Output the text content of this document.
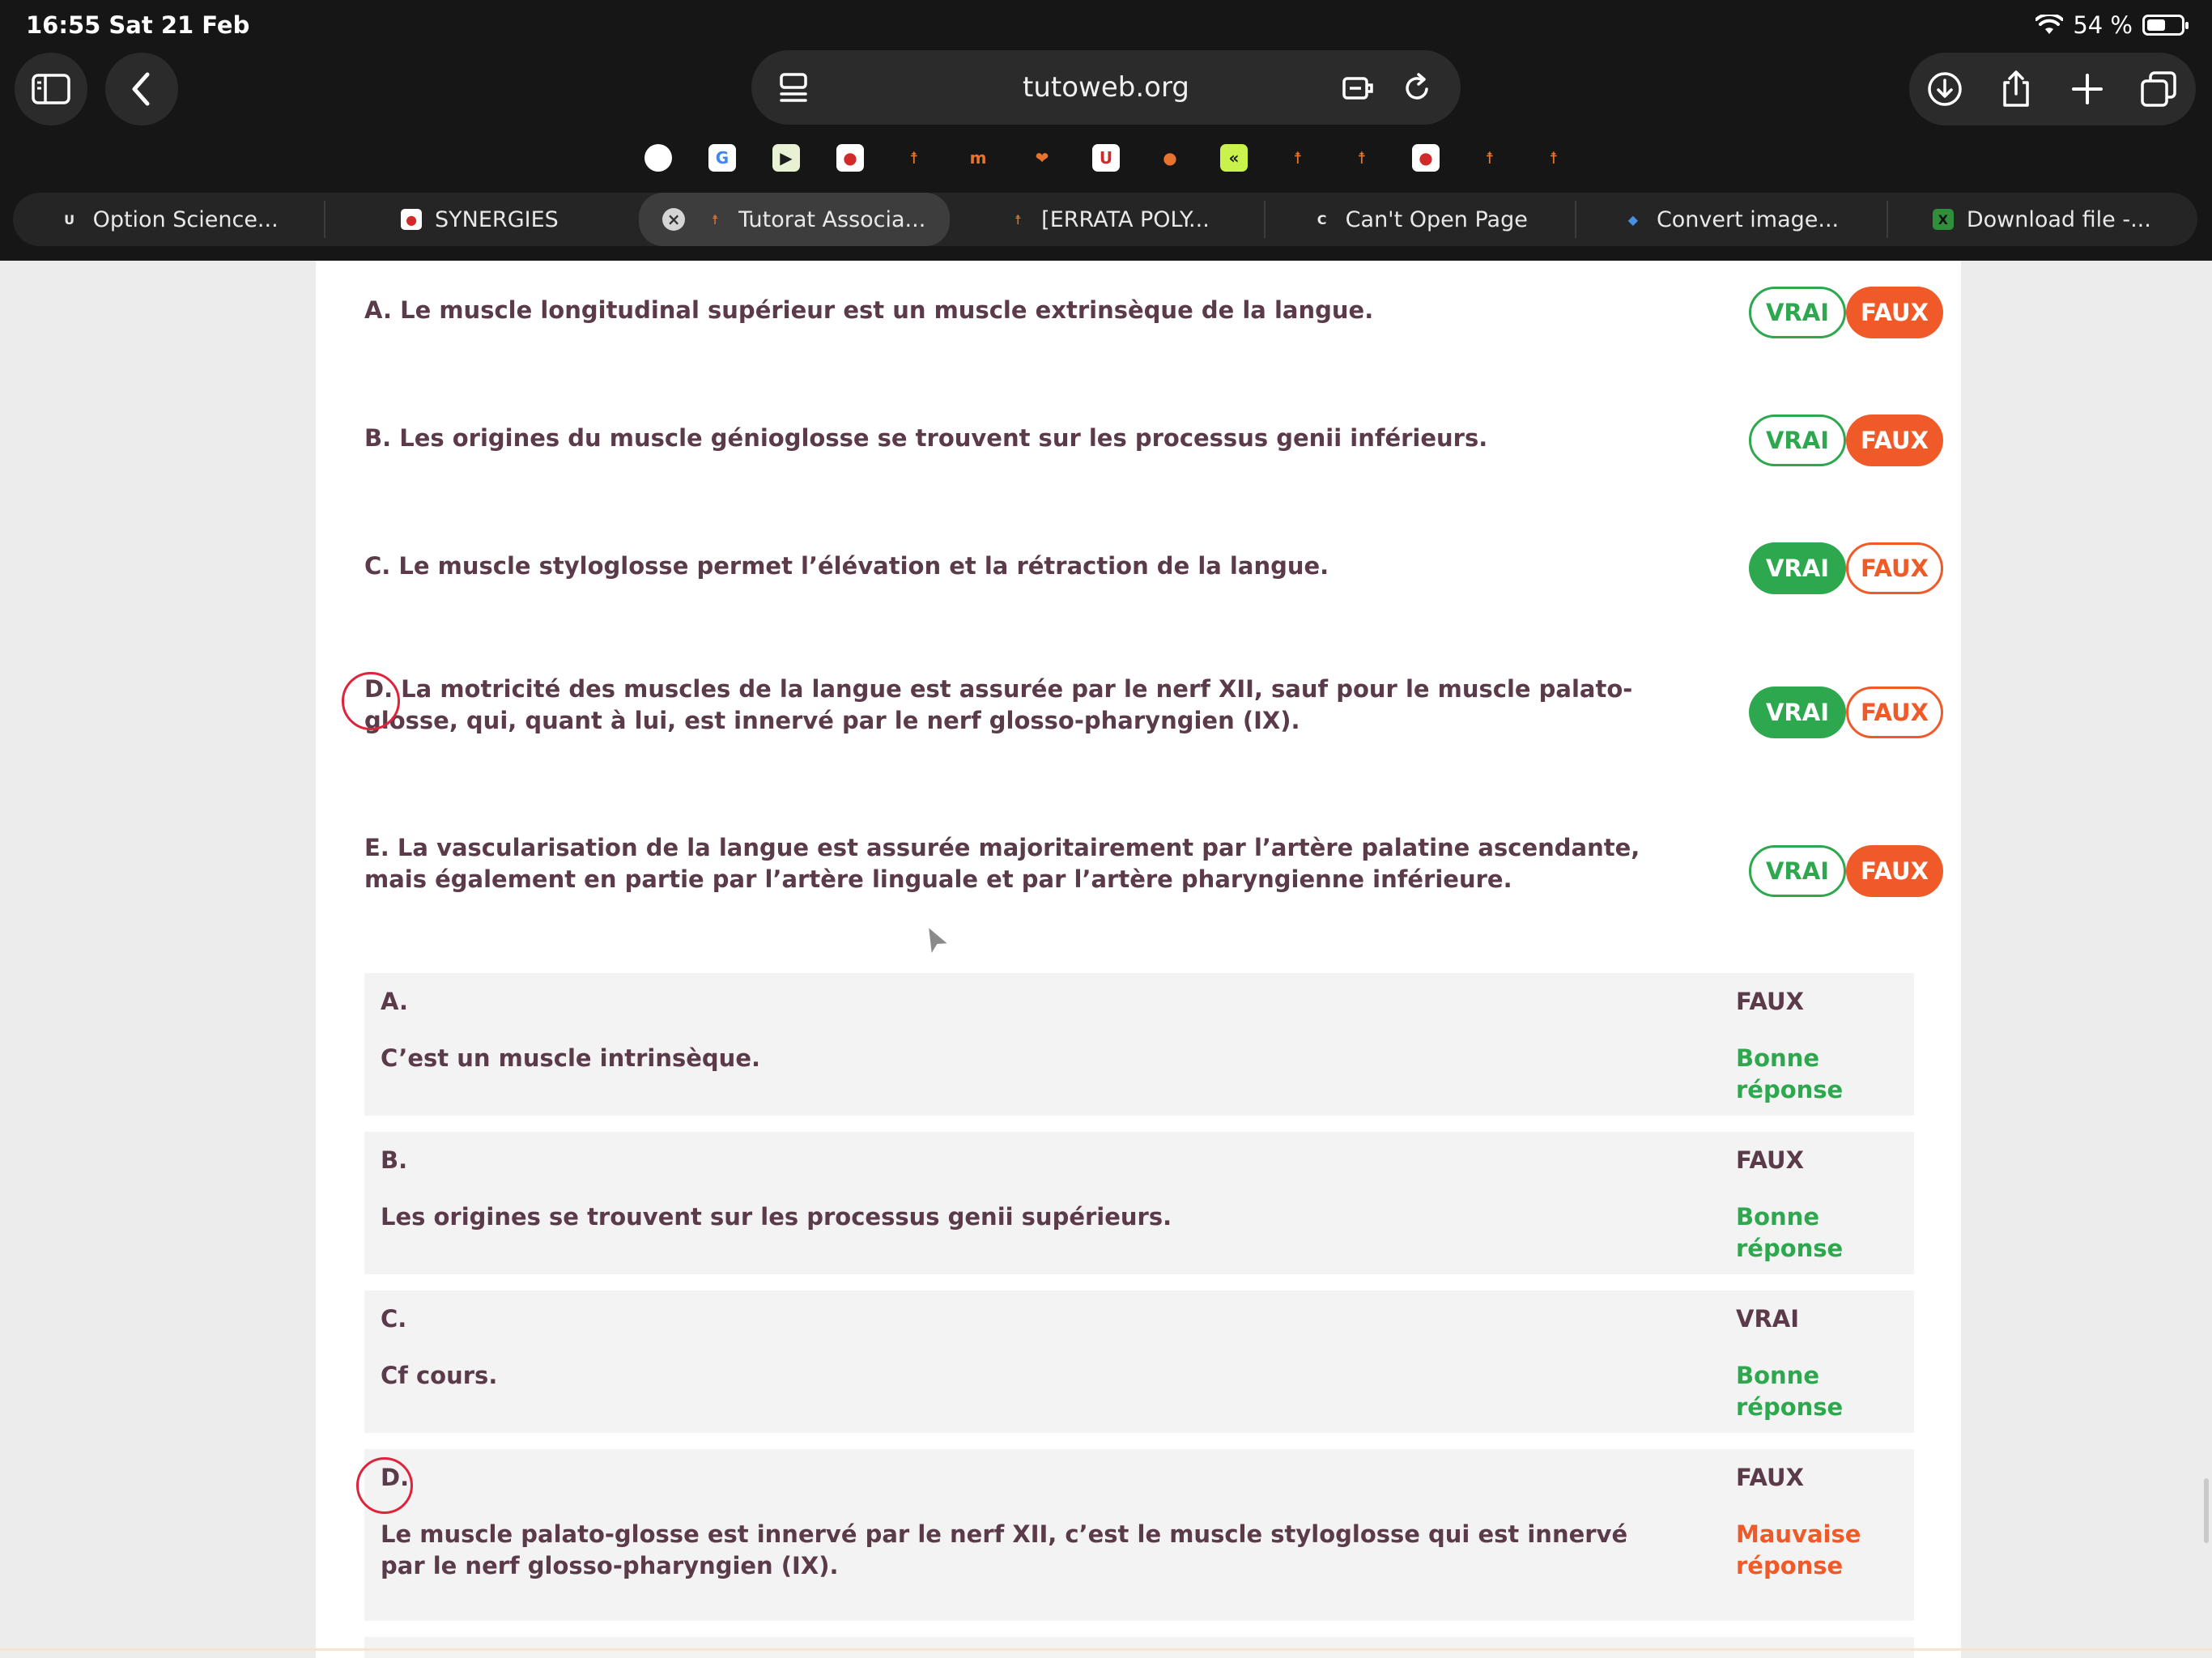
16:55 Sat 21 Feb	54 %
tutoweb.org
G	▶	●	☨	m	❤	U	●	«	☨	☨	●	☨	☨
U Option Science...	● SYNERGIES	×	☨ Tutorat Associa...	☨ [ERRATA POLY...	C Can't Open Page	◆ Convert image...	X Download file -...
A. Le muscle longitudinal supérieur est un muscle extrinsèque de la langue.	VRAI	FAUX
B. Les origines du muscle génioglosse se trouvent sur les processus genii inférieurs.	VRAI	FAUX
C. Le muscle styloglosse permet l’élévation et la rétraction de la langue.	VRAI	FAUX
D. La motricité des muscles de la langue est assurée par le nerf XII, sauf pour le muscle palato-glosse, qui, quant à lui, est innervé par le nerf glosso-pharyngien (IX).	VRAI	FAUX
E. La vascularisation de la langue est assurée majoritairement par l’artère palatine ascendante, mais également en partie par l’artère linguale et par l’artère pharyngienne inférieure.	VRAI	FAUX
A.
C’est un muscle intrinsèque.
FAUX
Bonne réponse
B.
Les origines se trouvent sur les processus genii supérieurs.
FAUX
Bonne réponse
C.
Cf cours.
VRAI
Bonne réponse
D.
Le muscle palato-glosse est innervé par le nerf XII, c’est le muscle styloglosse qui est innervé par le nerf glosso-pharyngien (IX).
FAUX
Mauvaise réponse
